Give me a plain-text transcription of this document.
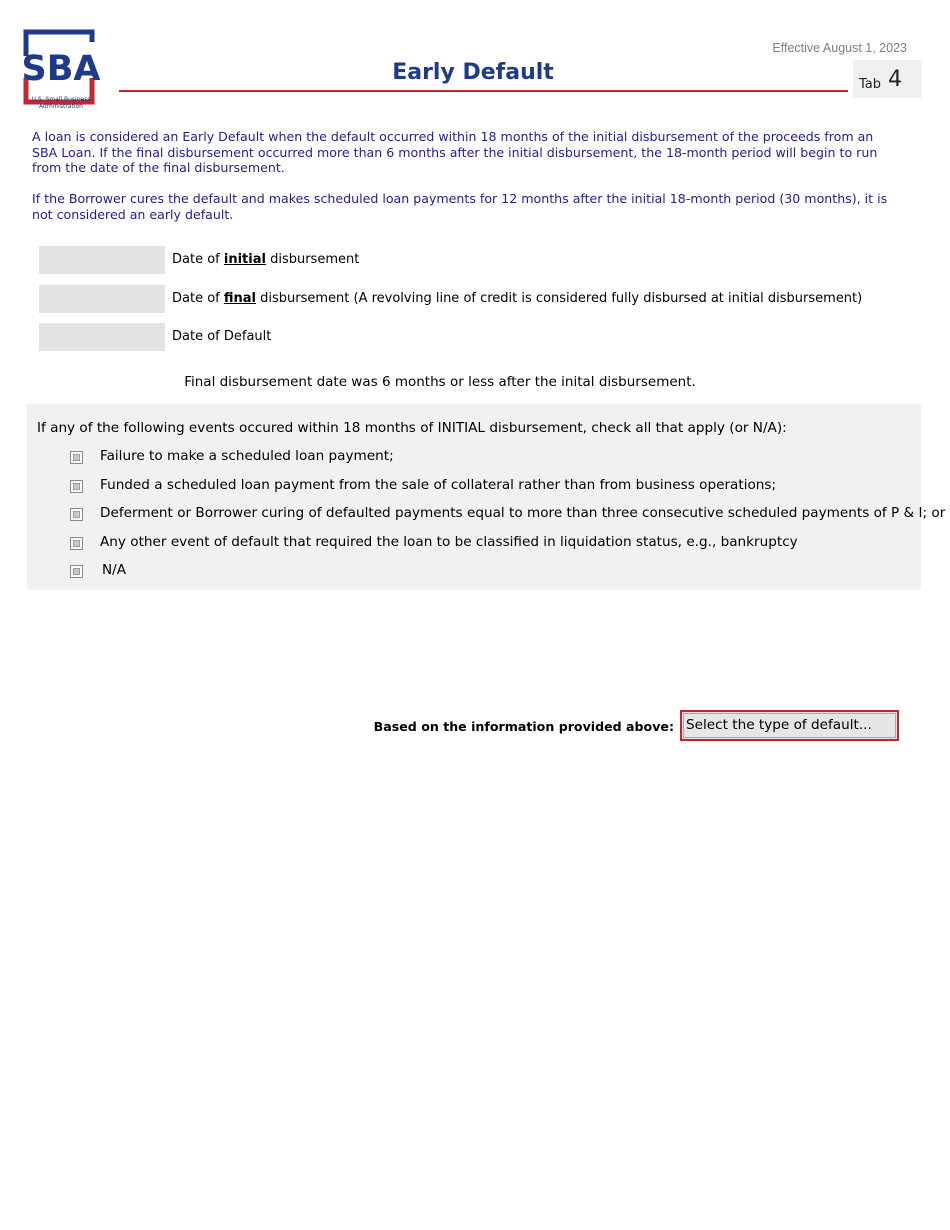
SBA
U.S. Small Business Administration
Effective August 1, 2023
Early Default	Tab 4

A loan is considered an Early Default when the default occurred within 18 months of the initial disbursement of the proceeds from an SBA Loan. If the final disbursement occurred more than 6 months after the initial disbursement, the 18-month period will begin to run from the date of the final disbursement.

If the Borrower cures the default and makes scheduled loan payments for 12 months after the initial 18-month period (30 months), it is not considered an early default.

Date of initial disbursement
Date of final disbursement (A revolving line of credit is considered fully disbursed at initial disbursement)
Date of Default
Final disbursement date was 6 months or less after the inital disbursement.
If any of the following events occured within 18 months of INITIAL disbursement, check all that apply (or N/A):
Failure to make a scheduled loan payment;
Funded a scheduled loan payment from the sale of collateral rather than from business operations;
Deferment or Borrower curing of defaulted payments equal to more than three consecutive scheduled payments of P & I; or
Any other event of default that required the loan to be classified in liquidation status, e.g., bankruptcy
N/A
Based on the information provided above: Select the type of default...
